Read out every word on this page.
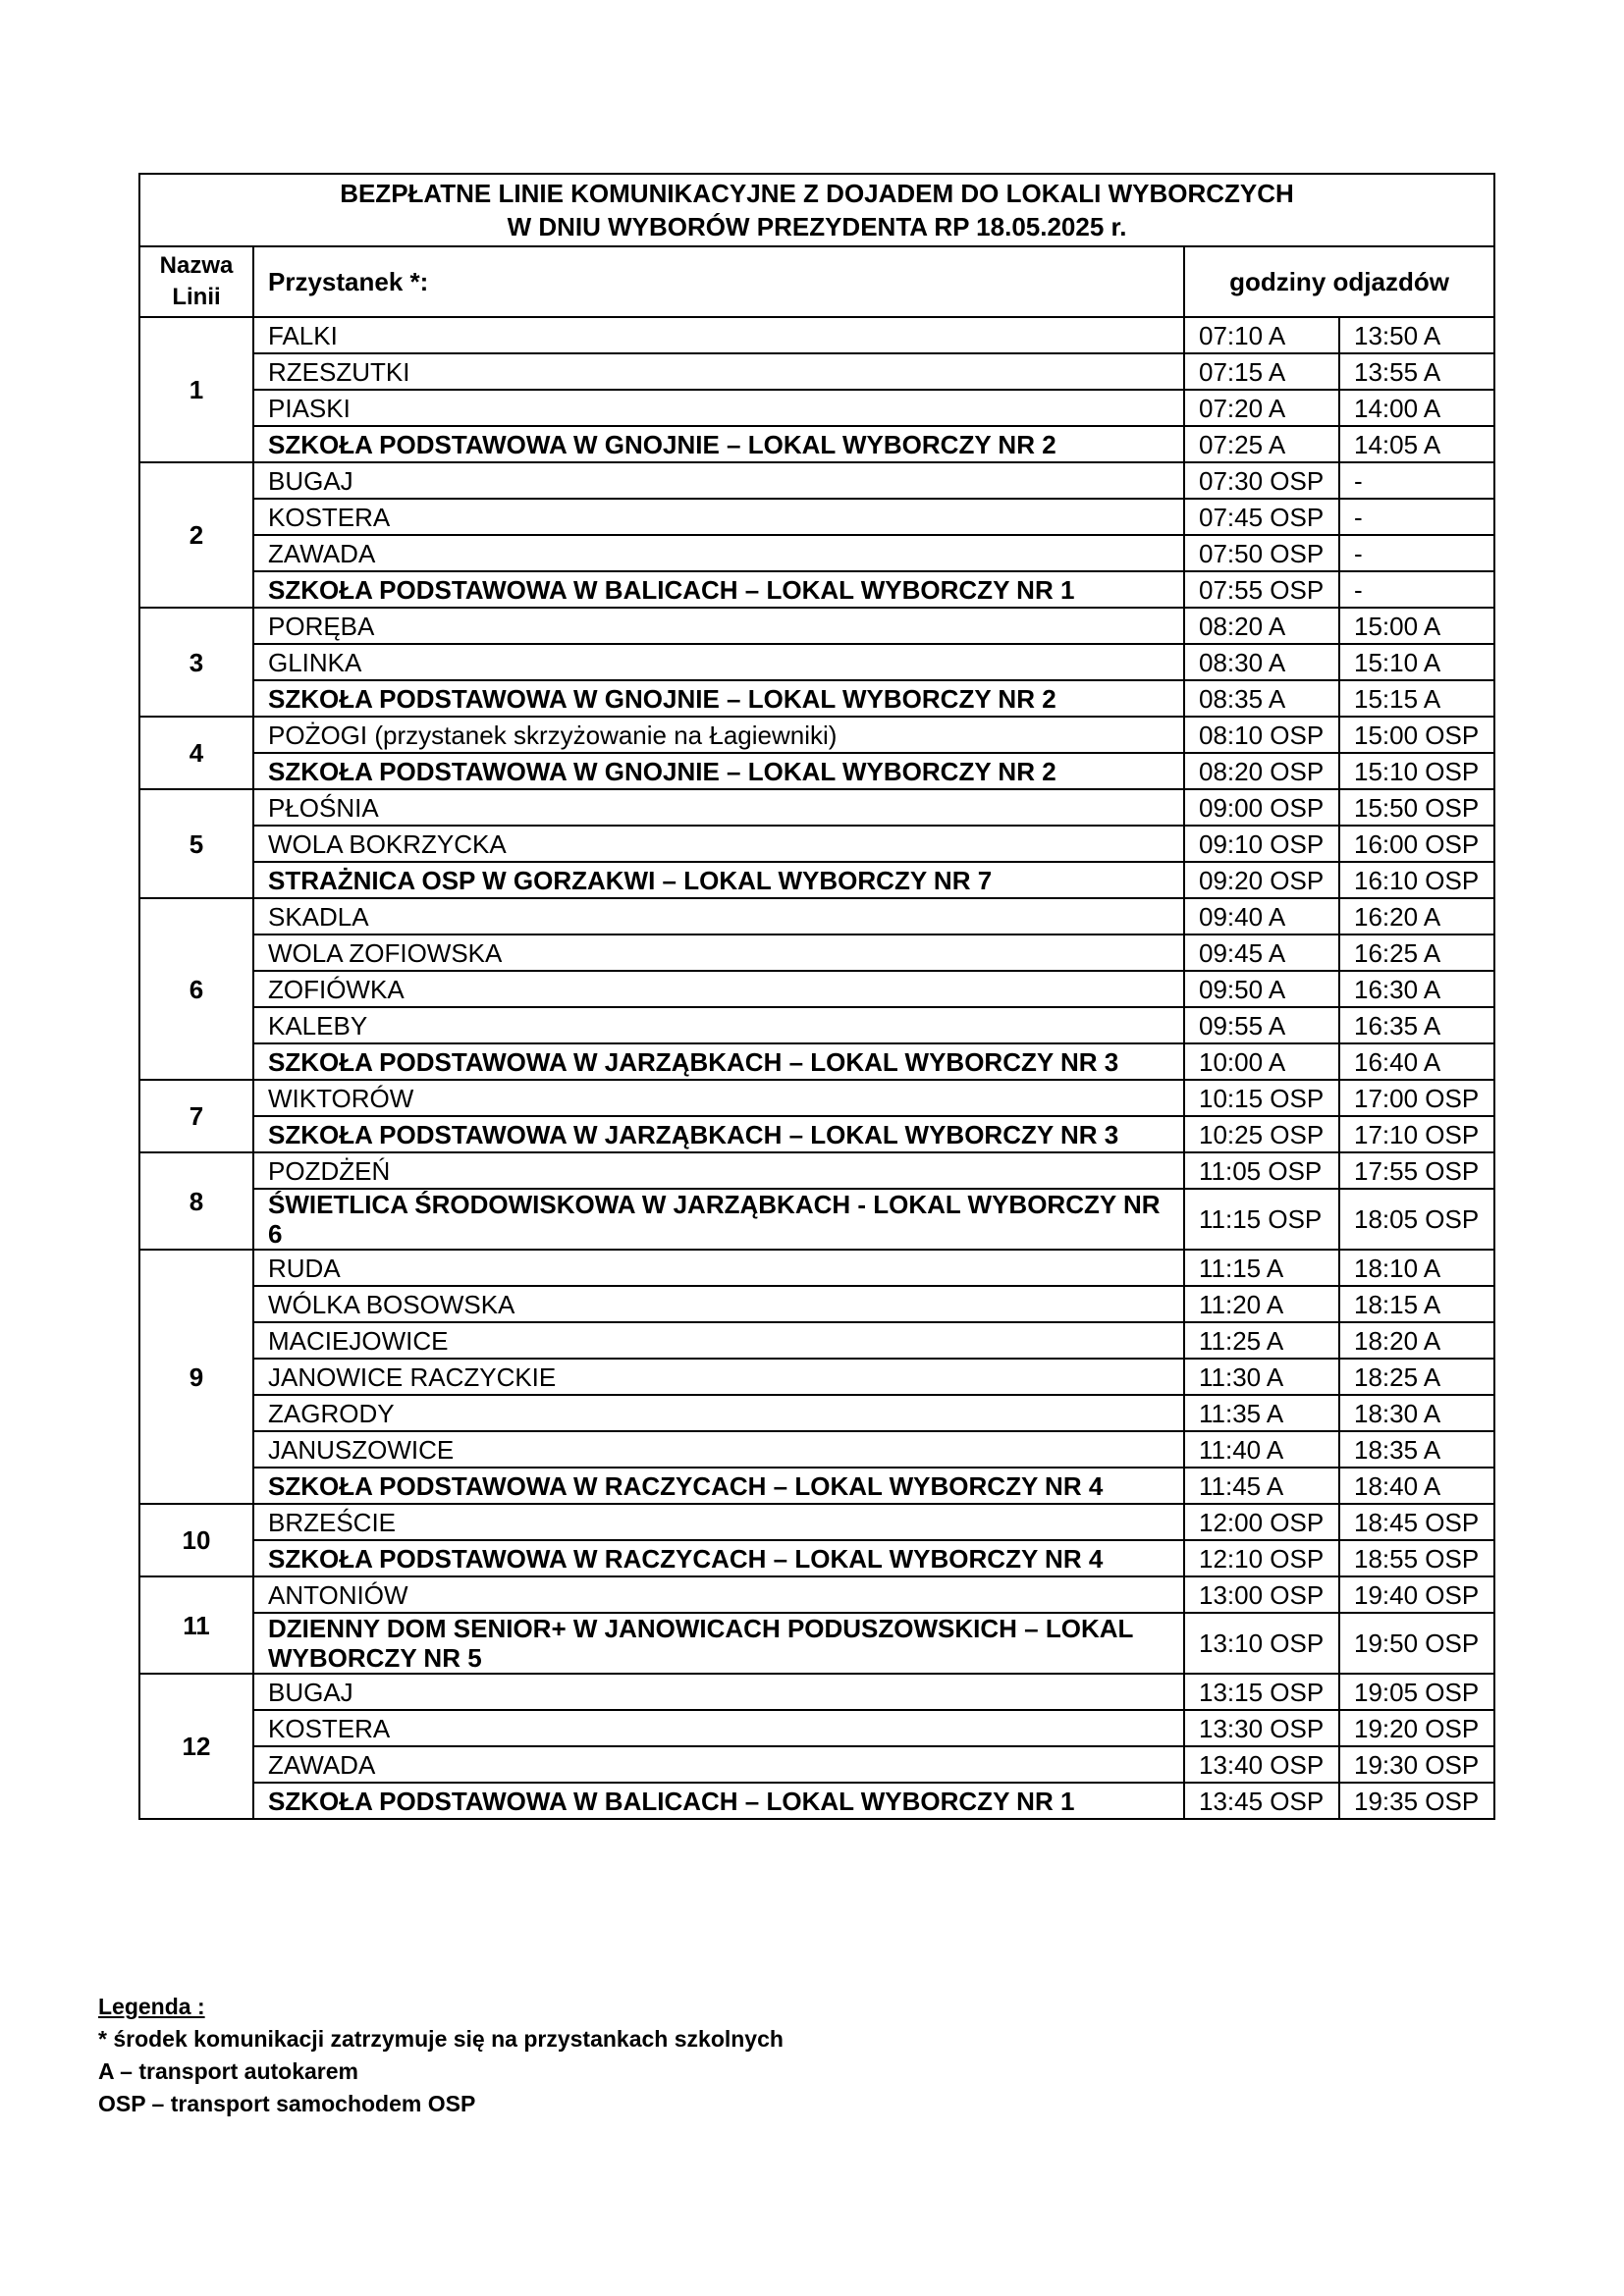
BEZPŁATNE LINIE KOMUNIKACYJNE Z DOJADEM DO LOKALI WYBORCZYCH
W DNIU WYBORÓW PREZYDENTA RP 18.05.2025 r.			

Nazwa
Linii	Przystanek *:	godziny odjazdów	
1	FALKI	07:10 A	13:50 A
	RZESZUTKI	07:15 A	13:55 A
	PIASKI	07:20 A	14:00 A
	SZKOŁA PODSTAWOWA W GNOJNIE – LOKAL WYBORCZY NR 2	07:25 A	14:05 A
2	BUGAJ	07:30 OSP	-
	KOSTERA	07:45 OSP	-
	ZAWADA	07:50 OSP	-
	SZKOŁA PODSTAWOWA W BALICACH – LOKAL WYBORCZY NR 1	07:55 OSP	-
3	PORĘBA	08:20 A	15:00 A
	GLINKA	08:30 A	15:10 A
	SZKOŁA PODSTAWOWA W GNOJNIE – LOKAL WYBORCZY NR 2	08:35 A	15:15 A
4	POŻOGI (przystanek skrzyżowanie na Łagiewniki)	08:10 OSP	15:00 OSP
	SZKOŁA PODSTAWOWA W GNOJNIE – LOKAL WYBORCZY NR 2	08:20 OSP	15:10 OSP
5	PŁOŚNIA	09:00 OSP	15:50 OSP
	WOLA BOKRZYCKA	09:10 OSP	16:00 OSP
	STRAŻNICA OSP W GORZAKWI – LOKAL WYBORCZY NR 7	09:20 OSP	16:10 OSP
6	SKADLA	09:40 A	16:20 A
	WOLA ZOFIOWSKA	09:45 A	16:25 A
	ZOFIÓWKA	09:50 A	16:30 A
	KALEBY	09:55 A	16:35 A
	SZKOŁA PODSTAWOWA W JARZĄBKACH – LOKAL WYBORCZY NR 3	10:00 A	16:40 A
7	WIKTORÓW	10:15 OSP	17:00 OSP
	SZKOŁA PODSTAWOWA W JARZĄBKACH – LOKAL WYBORCZY NR 3	10:25 OSP	17:10 OSP
8	POZDŻEŃ	11:05 OSP	17:55 OSP
	ŚWIETLICA ŚRODOWISKOWA W JARZĄBKACH - LOKAL WYBORCZY NR 6	11:15 OSP	18:05 OSP
9	RUDA	11:15 A	18:10 A
	WÓLKA BOSOWSKA	11:20 A	18:15 A
	MACIEJOWICE	11:25 A	18:20 A
	JANOWICE RACZYCKIE	11:30 A	18:25 A
	ZAGRODY	11:35 A	18:30 A
	JANUSZOWICE	11:40 A	18:35 A
	SZKOŁA PODSTAWOWA W RACZYCACH – LOKAL WYBORCZY NR 4	11:45 A	18:40 A
10	BRZEŚCIE	12:00 OSP	18:45 OSP
	SZKOŁA PODSTAWOWA W RACZYCACH – LOKAL WYBORCZY NR 4	12:10 OSP	18:55 OSP
11	ANTONIÓW	13:00 OSP	19:40 OSP
	DZIENNY DOM SENIOR+ W JANOWICACH PODUSZOWSKICH – LOKAL WYBORCZY NR 5	13:10 OSP	19:50 OSP
12	BUGAJ	13:15 OSP	19:05 OSP
	KOSTERA	13:30 OSP	19:20 OSP
	ZAWADA	13:40 OSP	19:30 OSP
	SZKOŁA PODSTAWOWA W BALICACH – LOKAL WYBORCZY NR 1	13:45 OSP	19:35 OSP
Legenda :
* środek komunikacji zatrzymuje się na przystankach szkolnych
A – transport autokarem
OSP – transport samochodem OSP
